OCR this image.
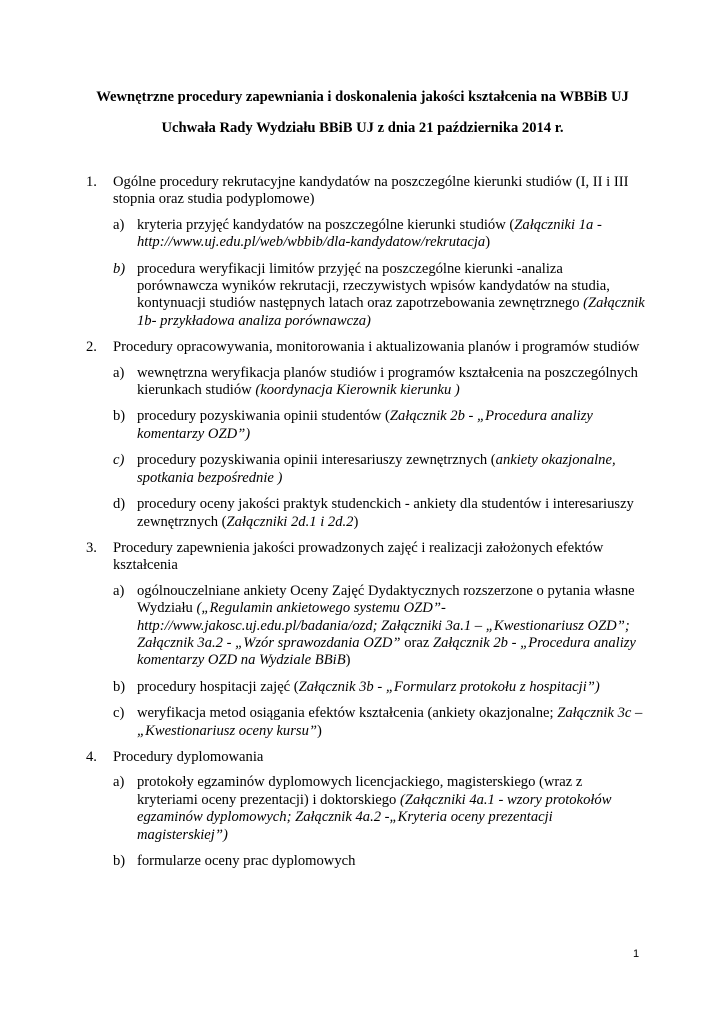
Wewnętrzne procedury zapewniania i doskonalenia jakości kształcenia na WBBiB UJ
Uchwała Rady Wydziału BBiB UJ z dnia 21 października 2014 r.
1. Ogólne procedury rekrutacyjne kandydatów na poszczególne kierunki studiów (I, II i III stopnia oraz studia podyplomowe)
a) kryteria przyjęć kandydatów na poszczególne kierunki studiów (Załączniki 1a - http://www.uj.edu.pl/web/wbbib/dla-kandydatow/rekrutacja)
b) procedura weryfikacji limitów przyjęć na poszczególne kierunki -analiza porównawcza wyników rekrutacji, rzeczywistych wpisów kandydatów na studia, kontynuacji studiów następnych latach oraz zapotrzebowania zewnętrznego (Załącznik 1b- przykładowa analiza porównawcza)
2. Procedury opracowywania, monitorowania i aktualizowania planów i programów studiów
a) wewnętrzna weryfikacja planów studiów i programów kształcenia na poszczególnych kierunkach studiów (koordynacja Kierownik kierunku )
b) procedury pozyskiwania opinii studentów (Załącznik 2b - „Procedura analizy komentarzy OZD”)
c) procedury pozyskiwania opinii interesariuszy zewnętrznych (ankiety okazjonalne, spotkania bezpośrednie )
d) procedury oceny jakości praktyk studenckich - ankiety dla studentów i interesariuszy zewnętrznych (Załączniki 2d.1 i 2d.2)
3. Procedury zapewnienia jakości prowadzonych zajęć i realizacji założonych efektów kształcenia
a) ogólnouczelniane ankiety Oceny Zajęć Dydaktycznych rozszerzone o pytania własne Wydziału („Regulamin ankietowego systemu OZD”- http://www.jakosc.uj.edu.pl/badania/ozd; Załączniki 3a.1 – „Kwestionariusz OZD”; Załącznik 3a.2 - „Wzór sprawozdania OZD” oraz Załącznik 2b - „Procedura analizy komentarzy OZD na Wydziale BBiB)
b) procedury hospitacji zajęć (Załącznik 3b - „Formularz protokołu z hospitacji”)
c) weryfikacja metod osiągania efektów kształcenia (ankiety okazjonalne; Załącznik 3c – „Kwestionariusz oceny kursu”)
4. Procedury dyplomowania
a) protokoły egzaminów dyplomowych licencjackiego, magisterskiego (wraz z kryteriami oceny prezentacji) i doktorskiego (Załączniki 4a.1 - wzory protokołów egzaminów dyplomowych; Załącznik 4a.2 -„Kryteria oceny prezentacji magisterskiej”)
b) formularze oceny prac dyplomowych
1
